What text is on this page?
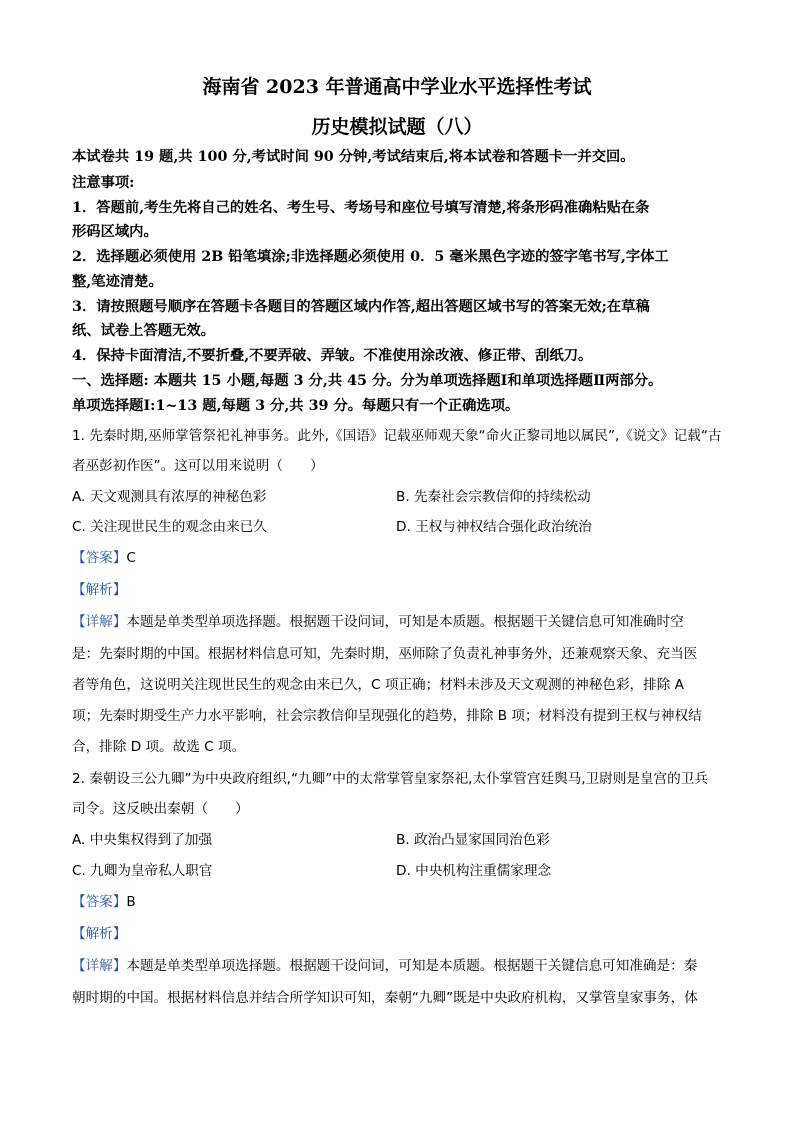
海南省 2023 年普通高中学业水平选择性考试
历史模拟试题（八）
本试卷共 19 题,共 100 分,考试时间 90 分钟,考试结束后,将本试卷和答题卡一并交回。
注意事项:
1．答题前,考生先将自己的姓名、考生号、考场号和座位号填写清楚,将条形码准确粘贴在条
形码区域内。
2．选择题必须使用 2B 铅笔填涂;非选择题必须使用 0．5 毫米黑色字迹的签字笔书写,字体工
整,笔迹清楚。
3．请按照题号顺序在答题卡各题目的答题区域内作答,超出答题区域书写的答案无效;在草稿
纸、试卷上答题无效。
4．保持卡面清洁,不要折叠,不要弄破、弄皱。不准使用涂改液、修正带、刮纸刀。
一、选择题: 本题共 15 小题,每题 3 分,共 45 分。分为单项选择题Ⅰ和单项选择题Ⅱ两部分。
单项选择题Ⅰ:1~13 题,每题 3 分,共 39 分。每题只有一个正确选项。
1. 先秦时期,巫师掌管祭祀礼神事务。此外,《国语》记载巫师观天象“命火正黎司地以属民”,《说文》记载“古
者巫彭初作医”。这可以用来说明（　　）
A. 天文观测具有浓厚的神秘色彩	B. 先秦社会宗教信仰的持续松动
C. 关注现世民生的观念由来已久	D. 王权与神权结合强化政治统治
【答案】C
【解析】
【详解】本题是单类型单项选择题。根据题干设问词，可知是本质题。根据题干关键信息可知准确时空
是：先秦时期的中国。根据材料信息可知，先秦时期，巫师除了负责礼神事务外，还兼观察天象、充当医
者等角色，这说明关注现世民生的观念由来已久，C 项正确；材料未涉及天文观测的神秘色彩，排除 A
项；先秦时期受生产力水平影响，社会宗教信仰呈现强化的趋势，排除 B 项；材料没有提到王权与神权结
合，排除 D 项。故选 C 项。
2. 秦朝设三公九卿”为中央政府组织,“九卿”中的太常掌管皇家祭祀,太仆掌管宫廷舆马,卫尉则是皇宫的卫兵
司令。这反映出秦朝（　　）
A. 中央集权得到了加强	B. 政治凸显家国同治色彩
C. 九卿为皇帝私人职官	D. 中央机构注重儒家理念
【答案】B
【解析】
【详解】本题是单类型单项选择题。根据题干设问词，可知是本质题。根据题干关键信息可知准确是：秦
朝时期的中国。根据材料信息并结合所学知识可知，秦朝“九卿”既是中央政府机构，又掌管皇家事务，体
